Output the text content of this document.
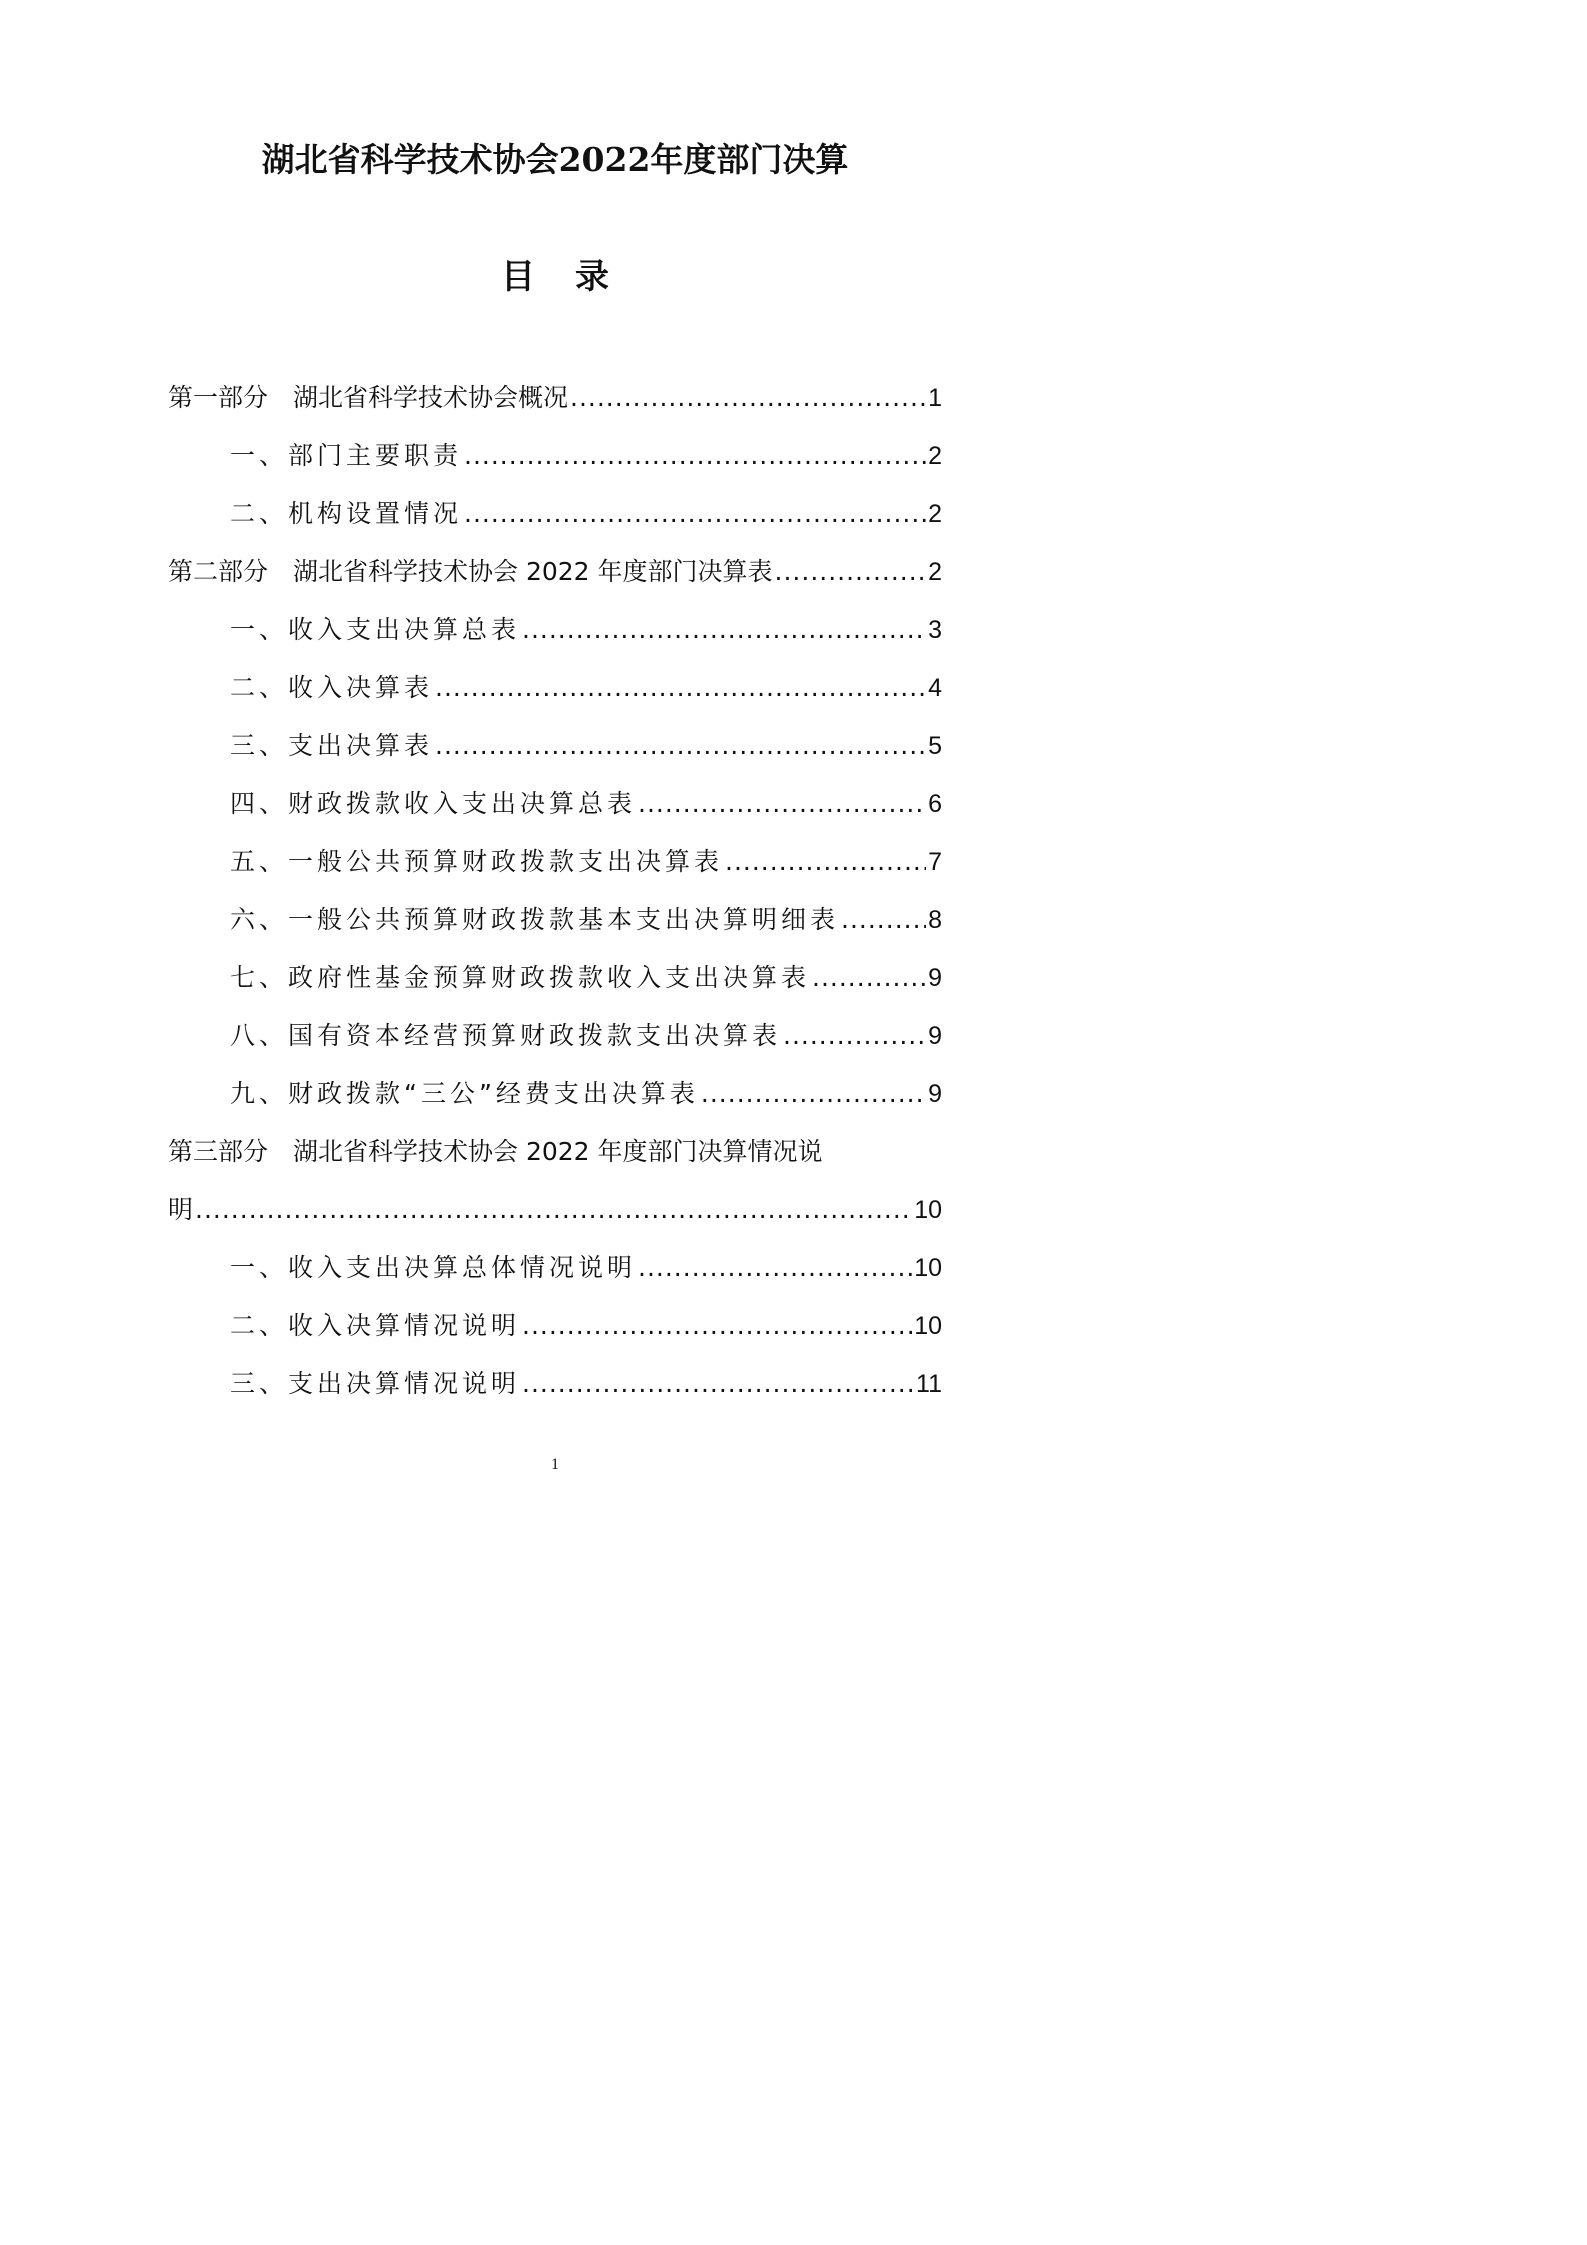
湖北省科学技术协会2022年度部门决算
目录
第一部分　湖北省科学技术协会概况 .....	1
一、部门主要职责 .....	2
二、机构设置情况 .....	2
第二部分　湖北省科学技术协会 2022 年度部门决算表 .....	2
一、收入支出决算总表 .....	3
二、收入决算表 .....	4
三、支出决算表 .....	5
四、财政拨款收入支出决算总表 .....	6
五、一般公共预算财政拨款支出决算表 .....	7
六、一般公共预算财政拨款基本支出决算明细表 .....	8
七、政府性基金预算财政拨款收入支出决算表 .....	9
八、国有资本经营预算财政拨款支出决算表 .....	9
九、财政拨款“三公”经费支出决算表 .....	9
第三部分　湖北省科学技术协会 2022 年度部门决算情况说
明 .....	10
一、收入支出决算总体情况说明 .....	10
二、收入决算情况说明 .....	10
三、支出决算情况说明 .....	11
1
